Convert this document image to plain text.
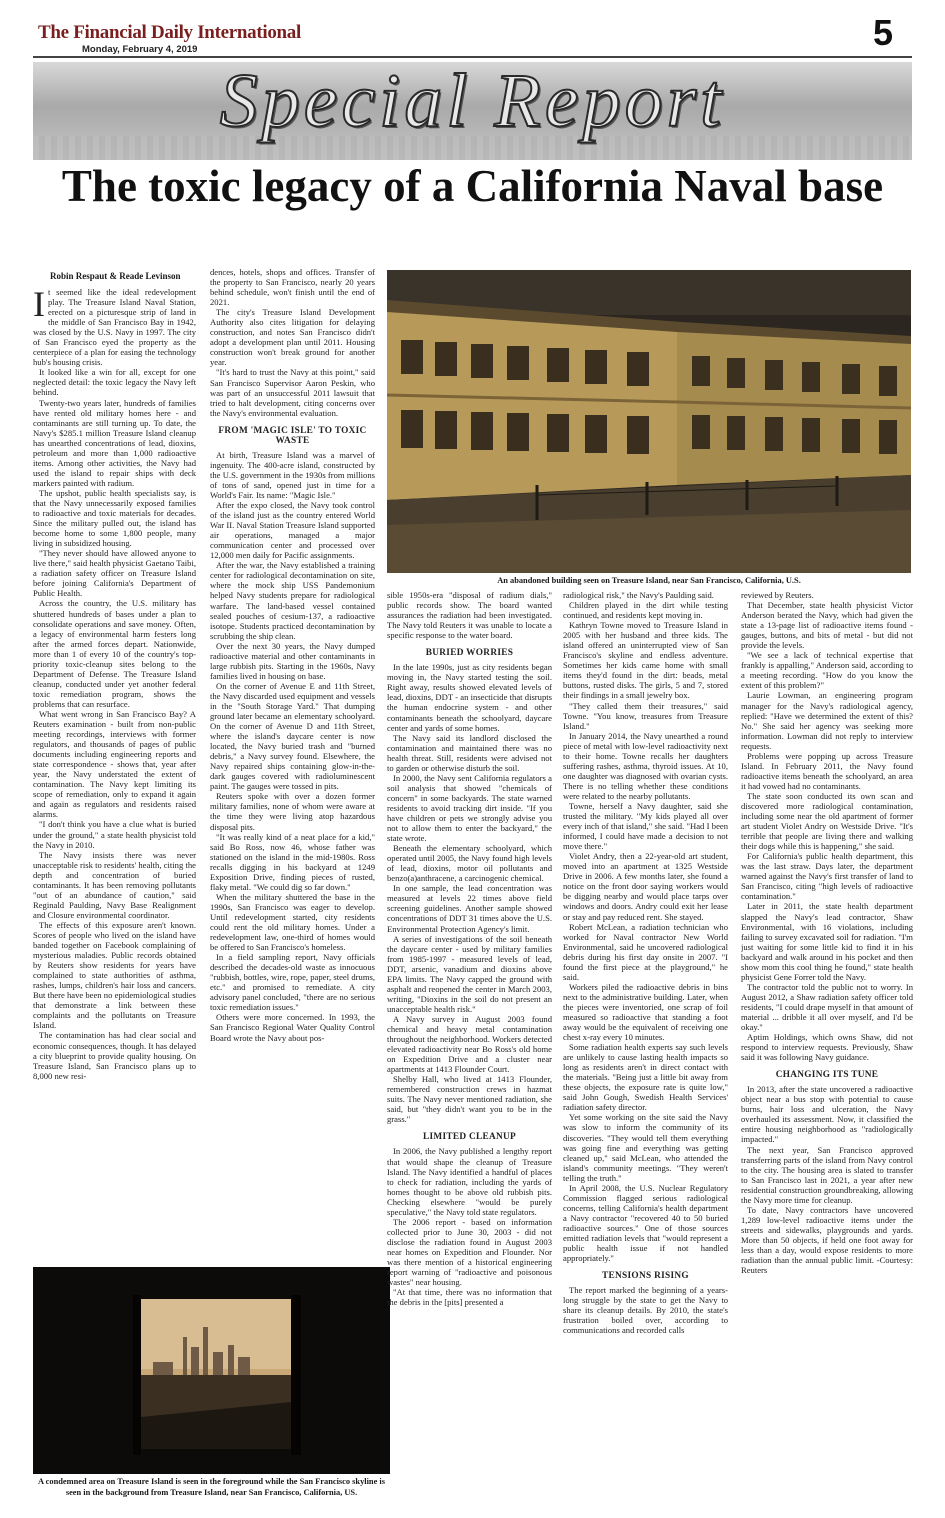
The Financial Daily International
Monday, February 4, 2019	5
Special Report
The toxic legacy of a California Naval base
Robin Respaut & Reade Levinson
An abandoned building seen on Treasure Island, near San Francisco, California, U.S.
A condemned area on Treasure Island is seen in the foreground while the San Francisco skyline is seen in the background from Treasure Island, near San Francisco, California, US.

It seemed like the ideal redevelopment play. The Treasure Island Naval Station, erected on a picturesque strip of land in the middle of San Francisco Bay in 1942, was closed by the U.S. Navy in 1997. The city of San Francisco eyed the property as the centerpiece of a plan for easing the technology hub's housing crisis.

It looked like a win for all, except for one neglected detail: the toxic legacy the Navy left behind.

Twenty-two years later, hundreds of families have rented old military homes here - and contaminants are still turning up. To date, the Navy's $285.1 million Treasure Island cleanup has unearthed concentrations of lead, dioxins, petroleum and more than 1,000 radioactive items. Among other activities, the Navy had used the island to repair ships with deck markers painted with radium.

The upshot, public health specialists say, is that the Navy unnecessarily exposed families to radioactive and toxic materials for decades. Since the military pulled out, the island has become home to some 1,800 people, many living in subsidized housing.

"They never should have allowed anyone to live there," said health physicist Gaetano Taibi, a radiation safety officer on Treasure Island before joining California's Department of Public Health.

Across the country, the U.S. military has shuttered hundreds of bases under a plan to consolidate operations and save money. Often, a legacy of environmental harm festers long after the armed forces depart. Nationwide, more than 1 of every 10 of the country's top-priority toxic-cleanup sites belong to the Department of Defense. The Treasure Island cleanup, conducted under yet another federal toxic remediation program, shows the problems that can resurface.

What went wrong in San Francisco Bay? A Reuters examination - built from non-public meeting recordings, interviews with former regulators, and thousands of pages of public documents including engineering reports and state correspondence - shows that, year after year, the Navy understated the extent of contamination. The Navy kept limiting its scope of remediation, only to expand it again and again as regulators and residents raised alarms.

"I don't think you have a clue what is buried under the ground," a state health physicist told the Navy in 2010.

The Navy insists there was never unacceptable risk to residents' health, citing the depth and concentration of buried contaminants. It has been removing pollutants "out of an abundance of caution," said Reginald Paulding, Navy Base Realignment and Closure environmental coordinator.

The effects of this exposure aren't known. Scores of people who lived on the island have banded together on Facebook complaining of mysterious maladies. Public records obtained by Reuters show residents for years have complained to state authorities of asthma, rashes, lumps, children's hair loss and cancers. But there have been no epidemiological studies that demonstrate a link between these complaints and the pollutants on Treasure Island.

The contamination has had clear social and economic consequences, though. It has delayed a city blueprint to provide quality housing. On Treasure Island, San Francisco plans up to 8,000 new resi-

dences, hotels, shops and offices. Transfer of the property to San Francisco, nearly 20 years behind schedule, won't finish until the end of 2021.

The city's Treasure Island Development Authority also cites litigation for delaying construction, and notes San Francisco didn't adopt a development plan until 2011. Housing construction won't break ground for another year.

"It's hard to trust the Navy at this point," said San Francisco Supervisor Aaron Peskin, who was part of an unsuccessful 2011 lawsuit that tried to halt development, citing concerns over the Navy's environmental evaluation.

FROM 'MAGIC ISLE' TO TOXIC WASTE

At birth, Treasure Island was a marvel of ingenuity. The 400-acre island, constructed by the U.S. government in the 1930s from millions of tons of sand, opened just in time for a World's Fair. Its name: "Magic Isle."

After the expo closed, the Navy took control of the island just as the country entered World War II. Naval Station Treasure Island supported air operations, managed a major communication center and processed over 12,000 men daily for Pacific assignments.

After the war, the Navy established a training center for radiological decontamination on site, where the mock ship USS Pandemonium helped Navy students prepare for radiological warfare. The land-based vessel contained sealed pouches of cesium-137, a radioactive isotope. Students practiced decontamination by scrubbing the ship clean.

Over the next 30 years, the Navy dumped radioactive material and other contaminants in large rubbish pits. Starting in the 1960s, Navy families lived in housing on base.

On the corner of Avenue E and 11th Street, the Navy discarded used equipment and vessels in the "South Storage Yard." That dumping ground later became an elementary schoolyard. On the corner of Avenue D and 11th Street, where the island's daycare center is now located, the Navy buried trash and "burned debris," a Navy survey found. Elsewhere, the Navy repaired ships containing glow-in-the-dark gauges covered with radioluminescent paint. The gauges were tossed in pits.

Reuters spoke with over a dozen former military families, none of whom were aware at the time they were living atop hazardous disposal pits.

"It was really kind of a neat place for a kid," said Bo Ross, now 46, whose father was stationed on the island in the mid-1980s. Ross recalls digging in his backyard at 1249 Exposition Drive, finding pieces of rusted, flaky metal. "We could dig so far down."

When the military shuttered the base in the 1990s, San Francisco was eager to develop. Until redevelopment started, city residents could rent the old military homes. Under a redevelopment law, one-third of homes would be offered to San Francisco's homeless.

In a field sampling report, Navy officials described the decades-old waste as innocuous "rubbish, bottles, wire, rope, paper, steel drums, etc." and promised to remediate. A city advisory panel concluded, "there are no serious toxic remediation issues."

Others were more concerned. In 1993, the San Francisco Regional Water Quality Control Board wrote the Navy about pos-

sible 1950s-era "disposal of radium dials," public records show. The board wanted assurances the radiation had been investigated. The Navy told Reuters it was unable to locate a specific response to the water board.

BURIED WORRIES

In the late 1990s, just as city residents began moving in, the Navy started testing the soil. Right away, results showed elevated levels of lead, dioxins, DDT - an insecticide that disrupts the human endocrine system - and other contaminants beneath the schoolyard, daycare center and yards of some homes.

The Navy said its landlord disclosed the contamination and maintained there was no health threat. Still, residents were advised not to garden or otherwise disturb the soil.

In 2000, the Navy sent California regulators a soil analysis that showed "chemicals of concern" in some backyards. The state warned residents to avoid tracking dirt inside. "If you have children or pets we strongly advise you not to allow them to enter the backyard," the state wrote.

Beneath the elementary schoolyard, which operated until 2005, the Navy found high levels of lead, dioxins, motor oil pollutants and benzo(a)anthracene, a carcinogenic chemical.

In one sample, the lead concentration was measured at levels 22 times above field screening guidelines. Another sample showed concentrations of DDT 31 times above the U.S. Environmental Protection Agency's limit.

A series of investigations of the soil beneath the daycare center - used by military families from 1985-1997 - measured levels of lead, DDT, arsenic, vanadium and dioxins above EPA limits. The Navy capped the ground with asphalt and reopened the center in March 2003, writing, "Dioxins in the soil do not present an unacceptable health risk."

A Navy survey in August 2003 found chemical and heavy metal contamination throughout the neighborhood. Workers detected elevated radioactivity near Bo Ross's old home on Expedition Drive and a cluster near apartments at 1413 Flounder Court.

Shelby Hall, who lived at 1413 Flounder, remembered construction crews in hazmat suits. The Navy never mentioned radiation, she said, but "they didn't want you to be in the grass."

LIMITED CLEANUP

In 2006, the Navy published a lengthy report that would shape the cleanup of Treasure Island. The Navy identified a handful of places to check for radiation, including the yards of homes thought to be above old rubbish pits. Checking elsewhere "would be purely speculative," the Navy told state regulators.

The 2006 report - based on information collected prior to June 30, 2003 - did not disclose the radiation found in August 2003 near homes on Expedition and Flounder. Nor was there mention of a historical engineering report warning of "radioactive and poisonous wastes" near housing.

"At that time, there was no information that the debris in the [pits] presented a

radiological risk," the Navy's Paulding said.

Children played in the dirt while testing continued, and residents kept moving in.

Kathryn Towne moved to Treasure Island in 2005 with her husband and three kids. The island offered an uninterrupted view of San Francisco's skyline and endless adventure. Sometimes her kids came home with small items they'd found in the dirt: beads, metal buttons, rusted disks. The girls, 5 and 7, stored their findings in a small jewelry box.

"They called them their treasures," said Towne. "You know, treasures from Treasure Island."

In January 2014, the Navy unearthed a round piece of metal with low-level radioactivity next to their home. Towne recalls her daughters suffering rashes, asthma, thyroid issues. At 10, one daughter was diagnosed with ovarian cysts. There is no telling whether these conditions were related to the nearby pollutants.

Towne, herself a Navy daughter, said she trusted the military. "My kids played all over every inch of that island," she said. "Had I been informed, I could have made a decision to not move there."

Violet Andry, then a 22-year-old art student, moved into an apartment at 1325 Westside Drive in 2006. A few months later, she found a notice on the front door saying workers would be digging nearby and would place tarps over windows and doors. Andry could exit her lease or stay and pay reduced rent. She stayed.

Robert McLean, a radiation technician who worked for Naval contractor New World Environmental, said he uncovered radiological debris during his first day onsite in 2007. "I found the first piece at the playground," he said.

Workers piled the radioactive debris in bins next to the administrative building. Later, when the pieces were inventoried, one scrap of foil measured so radioactive that standing a foot away would be the equivalent of receiving one chest x-ray every 10 minutes.

Some radiation health experts say such levels are unlikely to cause lasting health impacts so long as residents aren't in direct contact with the materials. "Being just a little bit away from these objects, the exposure rate is quite low," said John Gough, Swedish Health Services' radiation safety director.

Yet some working on the site said the Navy was slow to inform the community of its discoveries. "They would tell them everything was going fine and everything was getting cleaned up," said McLean, who attended the island's community meetings. "They weren't telling the truth."

In April 2008, the U.S. Nuclear Regulatory Commission flagged serious radiological concerns, telling California's health department a Navy contractor "recovered 40 to 50 buried radioactive sources." One of those sources emitted radiation levels that "would represent a public health issue if not handled appropriately."

TENSIONS RISING

The report marked the beginning of a years-long struggle by the state to get the Navy to share its cleanup details. By 2010, the state's frustration boiled over, according to communications and recorded calls

reviewed by Reuters.

That December, state health physicist Victor Anderson berated the Navy, which had given the state a 13-page list of radioactive items found - gauges, buttons, and bits of metal - but did not provide the levels.

"We see a lack of technical expertise that frankly is appalling," Anderson said, according to a meeting recording. "How do you know the extent of this problem?"

Laurie Lowman, an engineering program manager for the Navy's radiological agency, replied: "Have we determined the extent of this? No." She said her agency was seeking more information. Lowman did not reply to interview requests.

Problems were popping up across Treasure Island. In February 2011, the Navy found radioactive items beneath the schoolyard, an area it had vowed had no contaminants.

The state soon conducted its own scan and discovered more radiological contamination, including some near the old apartment of former art student Violet Andry on Westside Drive. "It's terrible that people are living there and walking their dogs while this is happening," she said.

For California's public health department, this was the last straw. Days later, the department warned against the Navy's first transfer of land to San Francisco, citing "high levels of radioactive contamination."

Later in 2011, the state health department slapped the Navy's lead contractor, Shaw Environmental, with 16 violations, including failing to survey excavated soil for radiation. "I'm just waiting for some little kid to find it in his backyard and walk around in his pocket and then show mom this cool thing he found," state health physicist Gene Forrer told the Navy.

The contractor told the public not to worry. In August 2012, a Shaw radiation safety officer told residents, "I could drape myself in that amount of material ... dribble it all over myself, and I'd be okay."

Aptim Holdings, which owns Shaw, did not respond to interview requests. Previously, Shaw said it was following Navy guidance.

CHANGING ITS TUNE

In 2013, after the state uncovered a radioactive object near a bus stop with potential to cause burns, hair loss and ulceration, the Navy overhauled its assessment. Now, it classified the entire housing neighborhood as "radiologically impacted."

The next year, San Francisco approved transferring parts of the island from Navy control to the city. The housing area is slated to transfer to San Francisco last in 2021, a year after new residential construction groundbreaking, allowing the Navy more time for cleanup.

To date, Navy contractors have uncovered 1,289 low-level radioactive items under the streets and sidewalks, playgrounds and yards. More than 50 objects, if held one foot away for less than a day, would expose residents to more radiation than the annual public limit. -Courtesy: Reuters
